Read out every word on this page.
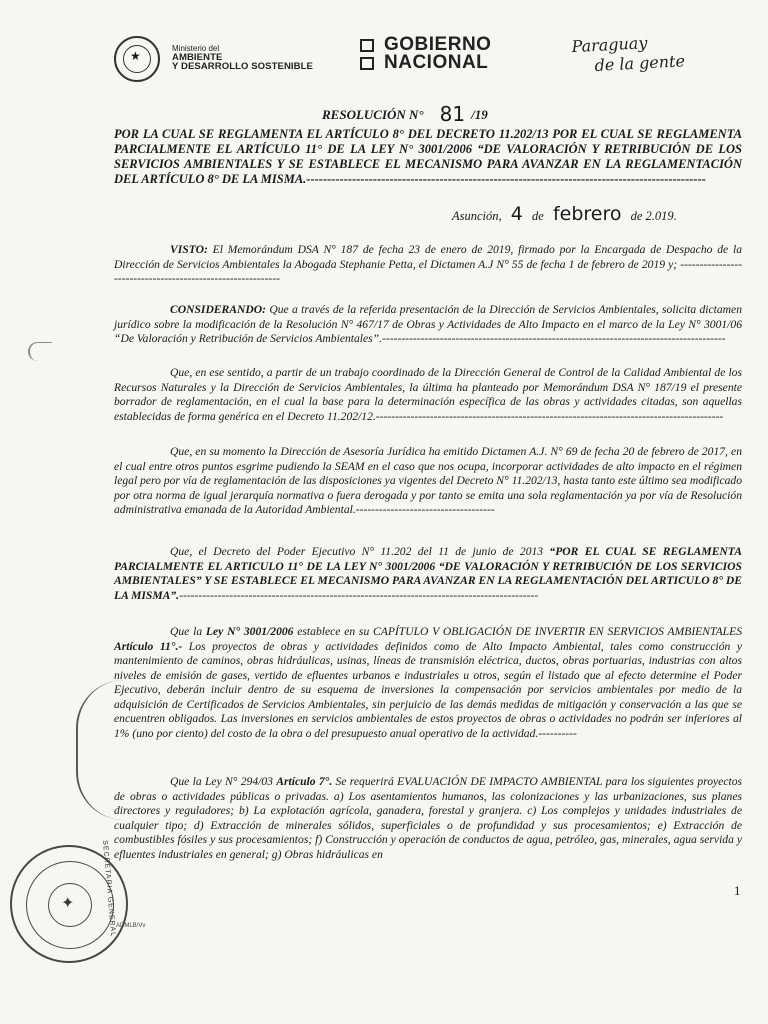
★
Ministerio del
AMBIENTE
Y DESARROLLO SOSTENIBLE
GOBIERNO
NACIONAL
Paraguay
de la gente
RESOLUCIÓN N° 81 /19
POR LA CUAL SE REGLAMENTA EL ARTÍCULO 8° DEL DECRETO 11.202/13 POR EL CUAL SE REGLAMENTA PARCIALMENTE EL ARTÍCULO 11° DE LA LEY N° 3001/2006 “DE VALORACIÓN Y RETRIBUCIÓN DE LOS SERVICIOS AMBIENTALES Y SE ESTABLECE EL MECANISMO PARA AVANZAR EN LA REGLAMENTACIÓN DEL ARTÍCULO 8° DE LA MISMA.------------------------------------------------------------------------------------------------
Asunción, 4 de febrero de 2.019.
VISTO: El Memorándum DSA N° 187 de fecha 23 de enero de 2019, firmado por la Encargada de Despacho de la Dirección de Servicios Ambientales la Abogada Stephanie Petta, el Dictamen A.J N° 55 de fecha 1 de febrero de 2019 y; -----------------------------------------------------------
CONSIDERANDO: Que a través de la referida presentación de la Dirección de Servicios Ambientales, solicita dictamen jurídico sobre la modificación de la Resolución N° 467/17 de Obras y Actividades de Alto Impacto en el marco de la Ley N° 3001/06 “De Valoración y Retribución de Servicios Ambientales”.-----------------------------------------------------------------------------------------
Que, en ese sentido, a partir de un trabajo coordinado de la Dirección General de Control de la Calidad Ambiental de los Recursos Naturales y la Dirección de Servicios Ambientales, la última ha planteado por Memorándum DSA N° 187/19 el presente borrador de reglamentación, en el cual la base para la determinación específica de las obras y actividades citadas, son aquellas establecidas de forma genérica en el Decreto 11.202/12.------------------------------------------------------------------------------------------
Que, en su momento la Dirección de Asesoría Jurídica ha emitido Dictamen A.J. N° 69 de fecha 20 de febrero de 2017, en el cual entre otros puntos esgrime pudiendo la SEAM en el caso que nos ocupa, incorporar actividades de alto impacto en el régimen legal pero por vía de reglamentación de las disposiciones ya vigentes del Decreto N° 11.202/13, hasta tanto este último sea modificado por otra norma de igual jerarquía normativa o fuera derogada y por tanto se emita una sola reglamentación ya por vía de Resolución administrativa emanada de la Autoridad Ambiental.------------------------------------
Que, el Decreto del Poder Ejecutivo N° 11.202 del 11 de junio de 2013 “POR EL CUAL SE REGLAMENTA PARCIALMENTE EL ARTICULO 11° DE LA LEY N° 3001/2006 “DE VALORACIÓN Y RETRIBUCIÓN DE LOS SERVICIOS AMBIENTALES” Y SE ESTABLECE EL MECANISMO PARA AVANZAR EN LA REGLAMENTACIÓN DEL ARTICULO 8° DE LA MISMA”.---------------------------------------------------------------------------------------------
Que la Ley N° 3001/2006 establece en su CAPÍTULO V OBLIGACIÓN DE INVERTIR EN SERVICIOS AMBIENTALES Artículo 11°.- Los proyectos de obras y actividades definidos como de Alto Impacto Ambiental, tales como construcción y mantenimiento de caminos, obras hidráulicas, usinas, líneas de transmisión eléctrica, ductos, obras portuarias, industrias con altos niveles de emisión de gases, vertido de efluentes urbanos e industriales u otros, según el listado que al efecto determine el Poder Ejecutivo, deberán incluir dentro de su esquema de inversiones la compensación por servicios ambientales por medio de la adquisición de Certificados de Servicios Ambientales, sin perjuicio de las demás medidas de mitigación y conservación a las que se encuentren obligados. Las inversiones en servicios ambientales de estos proyectos de obras o actividades no podrán ser inferiores al 1% (uno por ciento) del costo de la obra o del presupuesto anual operativo de la actividad.----------
Que la Ley N° 294/03 Artículo 7°. Se requerirá EVALUACIÓN DE IMPACTO AMBIENTAL para los siguientes proyectos de obras o actividades públicas o privadas. a) Los asentamientos humanos, las colonizaciones y las urbanizaciones, sus planes directores y reguladores; b) La explotación agrícola, ganadera, forestal y granjera. c) Los complejos y unidades industriales de cualquier tipo; d) Extracción de minerales sólidos, superficiales o de profundidad y sus procesamientos; e) Extracción de combustibles fósiles y sus procesamientos; f) Construcción y operación de conductos de agua, petróleo, gas, minerales, agua servida y efluentes industriales en general; g) Obras hidráulicas en
✦
SECRETARIA GENERAL ADMLB/Vv
1
